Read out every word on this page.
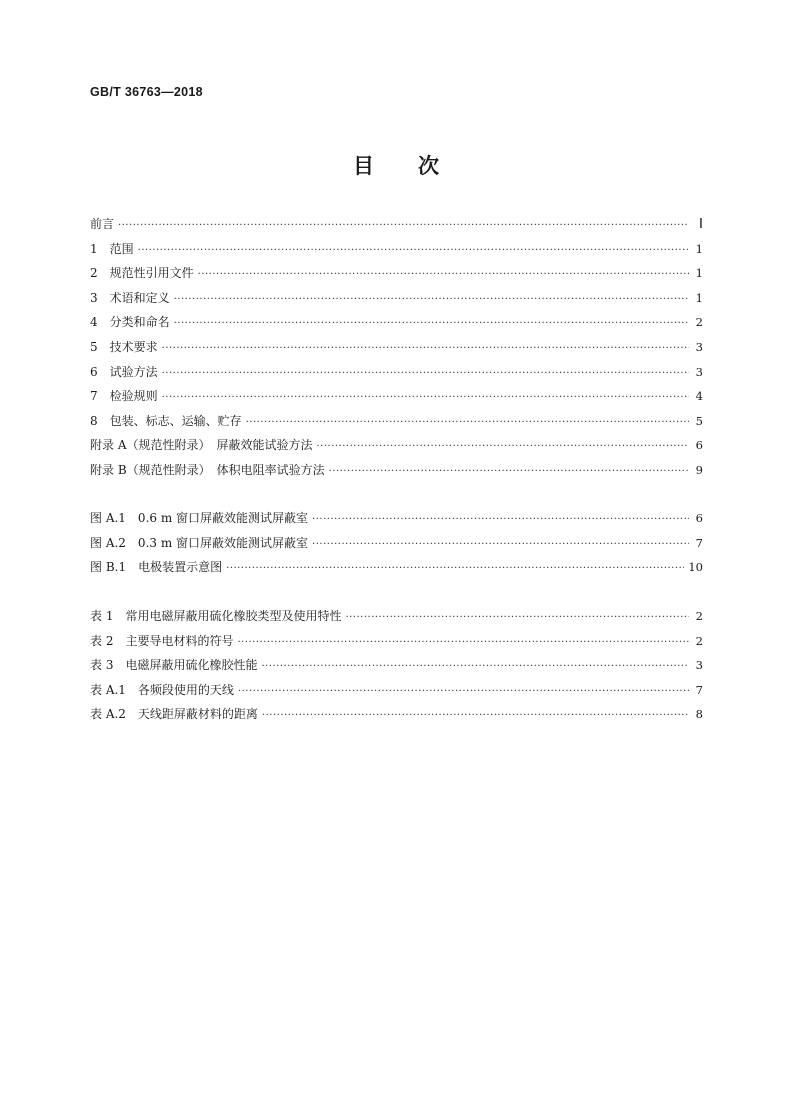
GB/T 36763—2018
目 次
前言 ·····	Ⅰ
1　范围 ·····	1
2　规范性引用文件 ·····	1
3　术语和定义 ·····	1
4　分类和命名 ·····	2
5　技术要求 ·····	3
6　试验方法 ·····	3
7　检验规则 ·····	4
8　包装、标志、运输、贮存 ·····	5
附录 A（规范性附录）　屏蔽效能试验方法 ·····	6
附录 B（规范性附录）　体积电阻率试验方法 ·····	9
图 A.1　0.6 m 窗口屏蔽效能测试屏蔽室 ·····	6
图 A.2　0.3 m 窗口屏蔽效能测试屏蔽室 ·····	7
图 B.1　电极装置示意图 ·····	10
表 1　常用电磁屏蔽用硫化橡胶类型及使用特性 ·····	2
表 2　主要导电材料的符号 ·····	2
表 3　电磁屏蔽用硫化橡胶性能 ·····	3
表 A.1　各频段使用的天线 ·····	7
表 A.2　天线距屏蔽材料的距离 ·····	8
